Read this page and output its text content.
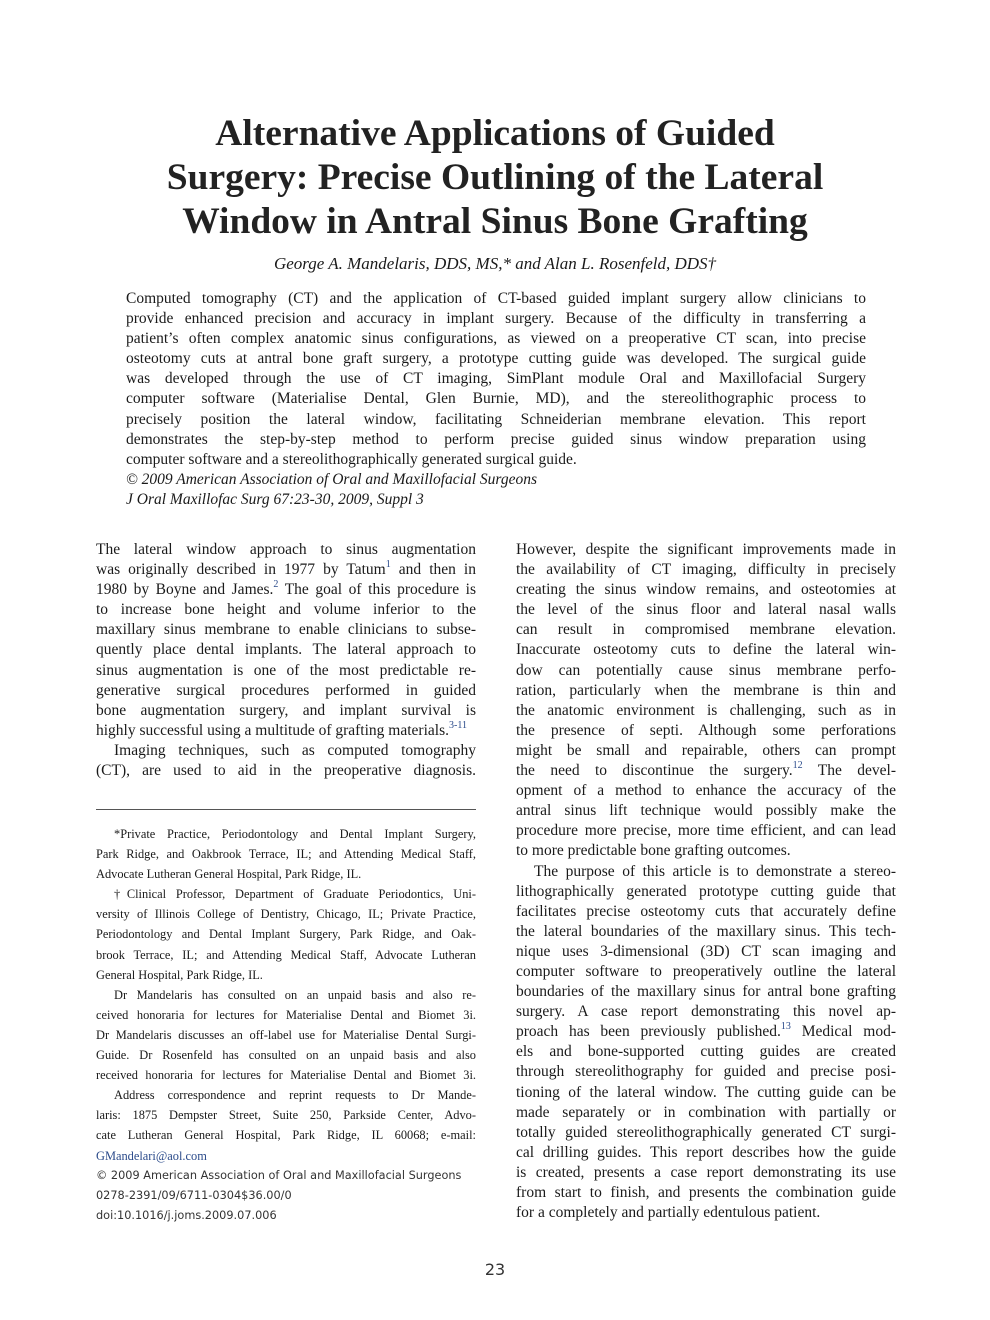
Alternative Applications of Guided
Surgery: Precise Outlining of the Lateral
Window in Antral Sinus Bone Grafting
George A. Mandelaris, DDS, MS,* and Alan L. Rosenfeld, DDS†
Computed tomography (CT) and the application of CT-based guided implant surgery allow clinicians to
provide enhanced precision and accuracy in implant surgery. Because of the difficulty in transferring a
patient’s often complex anatomic sinus configurations, as viewed on a preoperative CT scan, into precise
osteotomy cuts at antral bone graft surgery, a prototype cutting guide was developed. The surgical guide
was developed through the use of CT imaging, SimPlant module Oral and Maxillofacial Surgery
computer software (Materialise Dental, Glen Burnie, MD), and the stereolithographic process to
precisely position the lateral window, facilitating Schneiderian membrane elevation. This report
demonstrates the step-by-step method to perform precise guided sinus window preparation using
computer software and a stereolithographically generated surgical guide.
© 2009 American Association of Oral and Maxillofacial Surgeons
J Oral Maxillofac Surg 67:23-30, 2009, Suppl 3
The lateral window approach to sinus augmentation
was originally described in 1977 by Tatum$^1$ and then in
1980 by Boyne and James.$^2$ The goal of this procedure is
to increase bone height and volume inferior to the
maxillary sinus membrane to enable clinicians to subse-
quently place dental implants. The lateral approach to
sinus augmentation is one of the most predictable re-
generative surgical procedures performed in guided
bone augmentation surgery, and implant survival is
highly successful using a multitude of grafting materials.$^{3-11}$
Imaging techniques, such as computed tomography
(CT), are used to aid in the preoperative diagnosis.
*Private Practice, Periodontology and Dental Implant Surgery,
Park Ridge, and Oakbrook Terrace, IL; and Attending Medical Staff,
Advocate Lutheran General Hospital, Park Ridge, IL.
†Clinical Professor, Department of Graduate Periodontics, Uni-
versity of Illinois College of Dentistry, Chicago, IL; Private Practice,
Periodontology and Dental Implant Surgery, Park Ridge, and Oak-
brook Terrace, IL; and Attending Medical Staff, Advocate Lutheran
General Hospital, Park Ridge, IL.
Dr Mandelaris has consulted on an unpaid basis and also re-
ceived honoraria for lectures for Materialise Dental and Biomet 3i.
Dr Mandelaris discusses an off-label use for Materialise Dental Surgi-
Guide. Dr Rosenfeld has consulted on an unpaid basis and also
received honoraria for lectures for Materialise Dental and Biomet 3i.
Address correspondence and reprint requests to Dr Mande-
laris: 1875 Dempster Street, Suite 250, Parkside Center, Advo-
cate Lutheran General Hospital, Park Ridge, IL 60068; e-mail:
GMandelari@aol.com
© 2009 American Association of Oral and Maxillofacial Surgeons
0278-2391/09/6711-0304$36.00/0
doi:10.1016/j.joms.2009.07.006
However, despite the significant improvements made in
the availability of CT imaging, difficulty in precisely
creating the sinus window remains, and osteotomies at
the level of the sinus floor and lateral nasal walls
can result in compromised membrane elevation.
Inaccurate osteotomy cuts to define the lateral win-
dow can potentially cause sinus membrane perfo-
ration, particularly when the membrane is thin and
the anatomic environment is challenging, such as in
the presence of septi. Although some perforations
might be small and repairable, others can prompt
the need to discontinue the surgery.$^{12}$ The devel-
opment of a method to enhance the accuracy of the
antral sinus lift technique would possibly make the
procedure more precise, more time efficient, and can lead
to more predictable bone grafting outcomes.
The purpose of this article is to demonstrate a stereo-
lithographically generated prototype cutting guide that
facilitates precise osteotomy cuts that accurately define
the lateral boundaries of the maxillary sinus. This tech-
nique uses 3-dimensional (3D) CT scan imaging and
computer software to preoperatively outline the lateral
boundaries of the maxillary sinus for antral bone grafting
surgery. A case report demonstrating this novel ap-
proach has been previously published.$^{13}$ Medical mod-
els and bone-supported cutting guides are created
through stereolithography for guided and precise posi-
tioning of the lateral window. The cutting guide can be
made separately or in combination with partially or
totally guided stereolithographically generated CT surgi-
cal drilling guides. This report describes how the guide
is created, presents a case report demonstrating its use
from start to finish, and presents the combination guide
for a completely and partially edentulous patient.
23
